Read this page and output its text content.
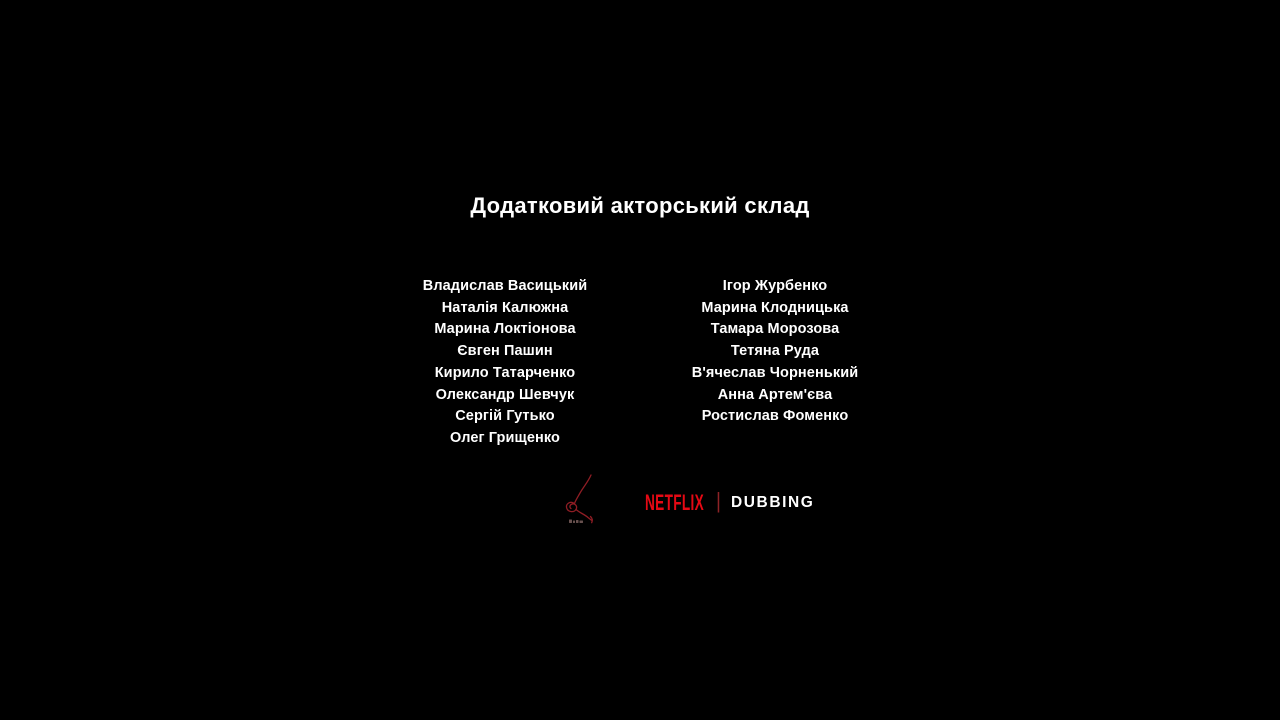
Додатковий акторський склад
Владислав Васицький
Наталія Калюжна
Марина Локтіонова
Євген Пашин
Кирило Татарченко
Олександр Шевчук
Сергій Гутько
Олег Грищенко
Ігор Журбенко
Марина Клодницька
Тамара Морозова
Тетяна Руда
В'ячеслав Чорненький
Анна Артем'єва
Ростислав Фоменко
NETFLIX | DUBBING
